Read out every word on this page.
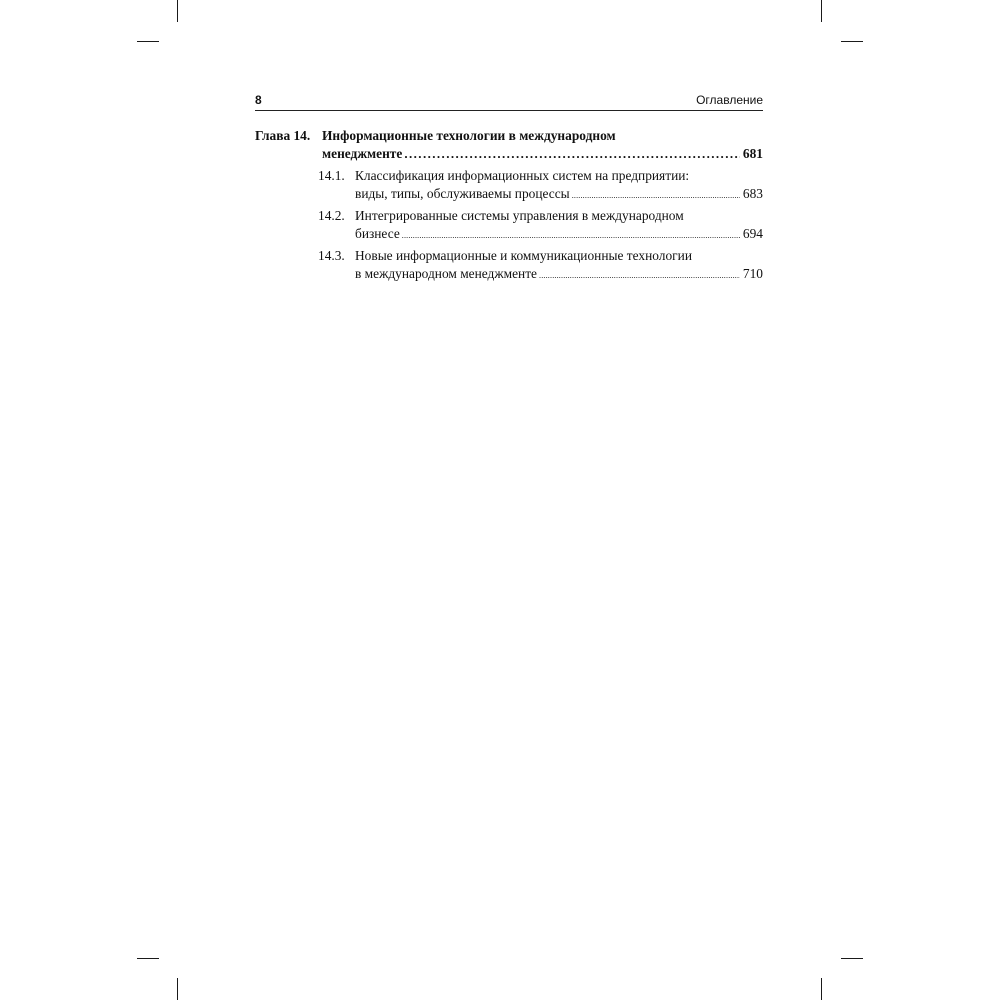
8	Оглавление
Глава 14. Информационные технологии в международном
менеджменте .....	681
14.1. Классификация информационных систем на предприятии:
виды, типы, обслуживаемы процессы .....	683
14.2. Интегрированные системы управления в международном
бизнесе .....	694
14.3. Новые информационные и коммуникационные технологии
в международном менеджменте .....	710
